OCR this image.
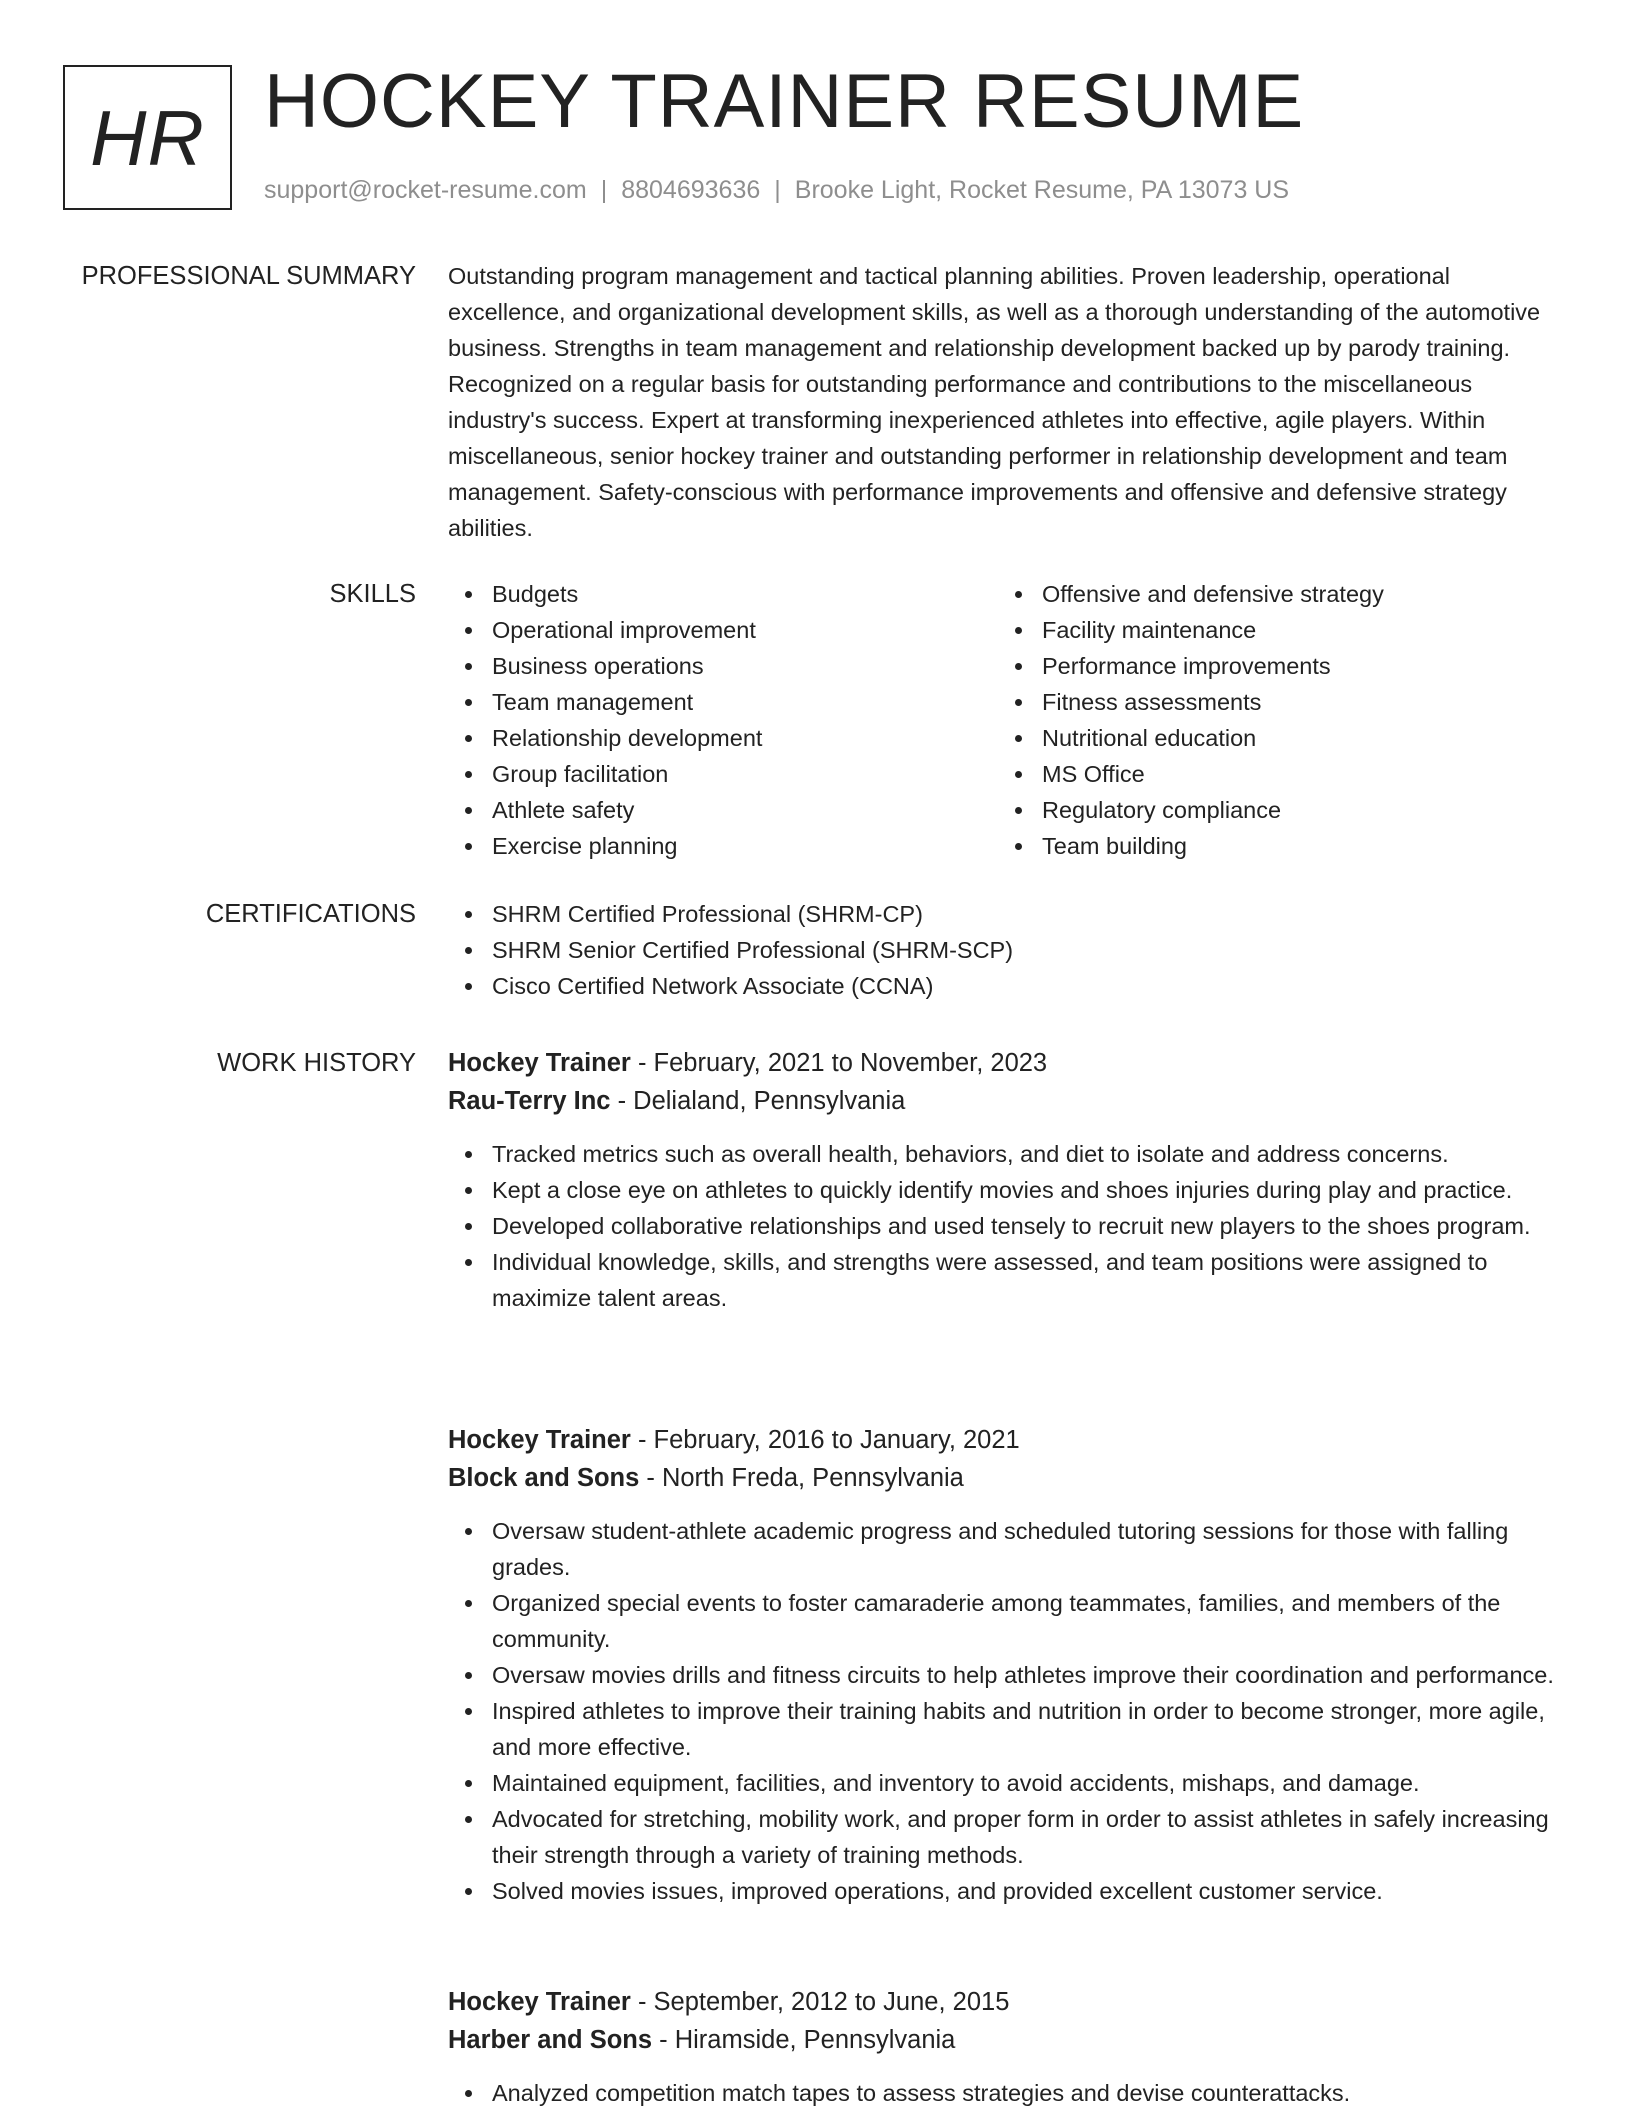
HR HOCKEY TRAINER RESUME
support@rocket-resume.com | 8804693636 | Brooke Light, Rocket Resume, PA 13073 US
PROFESSIONAL SUMMARY Outstanding program management and tactical planning abilities. Proven leadership, operational excellence, and organizational development skills, as well as a thorough understanding of the automotive business. Strengths in team management and relationship development backed up by parody training. Recognized on a regular basis for outstanding performance and contributions to the miscellaneous industry's success. Expert at transforming inexperienced athletes into effective, agile players. Within miscellaneous, senior hockey trainer and outstanding performer in relationship development and team management. Safety-conscious with performance improvements and offensive and defensive strategy abilities.

SKILLS	Budgets
Operational improvement
Business operations
Team management
Relationship development
Group facilitation
Athlete safety
Exercise planning
Offensive and defensive strategy
Facility maintenance
Performance improvements
Fitness assessments
Nutritional education
MS Office
Regulatory compliance
Team building
CERTIFICATIONS	SHRM Certified Professional (SHRM-CP)
SHRM Senior Certified Professional (SHRM-SCP)
Cisco Certified Network Associate (CCNA)
WORK HISTORY Hockey Trainer - February, 2021 to November, 2023
Rau-Terry Inc - Delialand, Pennsylvania
Tracked metrics such as overall health, behaviors, and diet to isolate and address concerns.
Kept a close eye on athletes to quickly identify movies and shoes injuries during play and practice.
Developed collaborative relationships and used tensely to recruit new players to the shoes program.
Individual knowledge, skills, and strengths were assessed, and team positions were assigned to maximize talent areas.
Hockey Trainer - February, 2016 to January, 2021
Block and Sons - North Freda, Pennsylvania
Oversaw student-athlete academic progress and scheduled tutoring sessions for those with falling grades.
Organized special events to foster camaraderie among teammates, families, and members of the community.
Oversaw movies drills and fitness circuits to help athletes improve their coordination and performance.
Inspired athletes to improve their training habits and nutrition in order to become stronger, more agile, and more effective.
Maintained equipment, facilities, and inventory to avoid accidents, mishaps, and damage.
Advocated for stretching, mobility work, and proper form in order to assist athletes in safely increasing their strength through a variety of training methods.
Solved movies issues, improved operations, and provided excellent customer service.
Hockey Trainer - September, 2012 to June, 2015
Harber and Sons - Hiramside, Pennsylvania
Analyzed competition match tapes to assess strategies and devise counterattacks.
